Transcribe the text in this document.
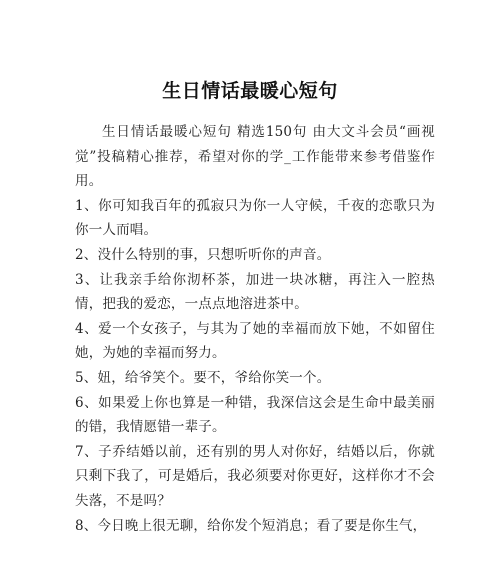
生日情话最暖心短句

生日情话最暖心短句 精选150句 由大文斗会员“画视觉”投稿精心推荐，希望对你的学_工作能带来参考借鉴作用。

1、你可知我百年的孤寂只为你一人守候，千夜的恋歌只为你一人而唱。

2、没什么特别的事，只想听听你的声音。

3、让我亲手给你沏杯茶，加进一块冰糖，再注入一腔热情，把我的爱恋，一点点地溶进茶中。

4、爱一个女孩子，与其为了她的幸福而放下她，不如留住她，为她的幸福而努力。

5、妞，给爷笑个。要不，爷给你笑一个。

6、如果爱上你也算是一种错，我深信这会是生命中最美丽的错，我情愿错一辈子。

7、子乔结婚以前，还有别的男人对你好，结婚以后，你就只剩下我了，可是婚后，我必须要对你更好，这样你才不会失落，不是吗？

8、今日晚上很无聊，给你发个短消息；看了要是你生气，
